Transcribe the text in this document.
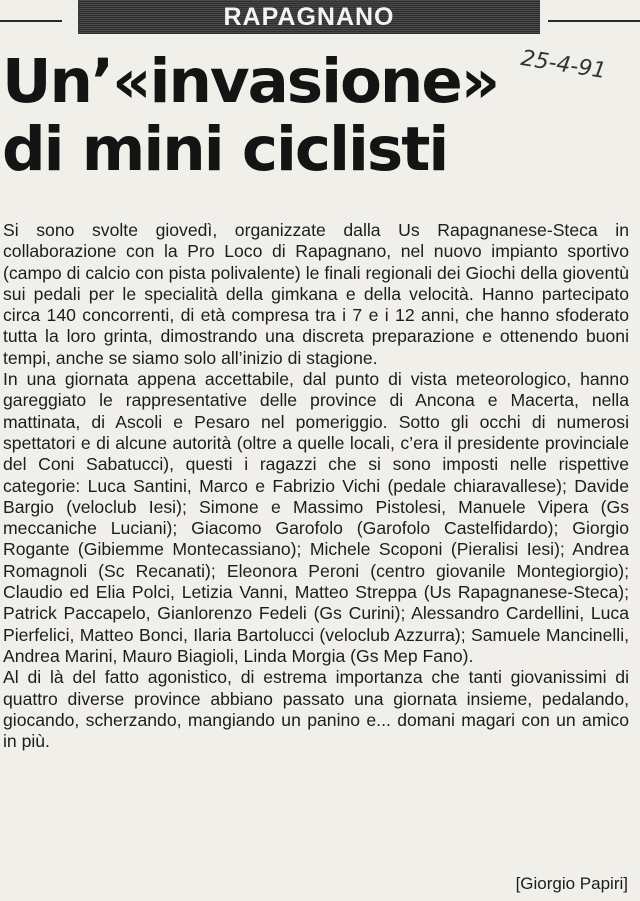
RAPAGNANO
25-4-91
Un’«invasione»
di mini ciclisti

Si sono svolte giovedì, organizzate dalla Us Rapagnanese-Steca in collaborazione con la Pro Loco di Rapagnano, nel nuovo impianto sportivo (campo di calcio con pista polivalente) le finali regionali dei Giochi della gioventù sui pedali per le specialità della gimkana e della velocità. Hanno partecipato circa 140 concorrenti, di età compresa tra i 7 e i 12 anni, che hanno sfoderato tutta la loro grinta, dimostrando una discreta preparazione e ottenendo buoni tempi, anche se siamo solo all’inizio di stagione.

In una giornata appena accettabile, dal punto di vista meteorologico, hanno gareggiato le rappresentative delle province di Ancona e Macerta, nella mattinata, di Ascoli e Pesaro nel pomeriggio. Sotto gli occhi di numerosi spettatori e di alcune autorità (oltre a quelle locali, c’era il presidente provinciale del Coni Sabatucci), questi i ragazzi che si sono imposti nelle rispettive categorie: Luca Santini, Marco e Fabrizio Vichi (pedale chiaravallese); Davide Bargio (veloclub Iesi); Simone e Massimo Pistolesi, Manuele Vipera (Gs meccaniche Luciani); Giacomo Garofolo (Garofolo Castelfidardo); Giorgio Rogante (Gibiemme Montecassiano); Michele Scoponi (Pieralisi Iesi); Andrea Romagnoli (Sc Recanati); Eleonora Peroni (centro giovanile Montegiorgio); Claudio ed Elia Polci, Letizia Vanni, Matteo Streppa (Us Rapagnanese-Steca); Patrick Paccapelo, Gianlorenzo Fedeli (Gs Curini); Alessandro Cardellini, Luca Pierfelici, Matteo Bonci, Ilaria Bartolucci (veloclub Azzurra); Samuele Mancinelli, Andrea Marini, Mauro Biagioli, Linda Morgia (Gs Mep Fano).

Al di là del fatto agonistico, di estrema importanza che tanti giovanissimi di quattro diverse province abbiano passato una giornata insieme, pedalando, giocando, scherzando, mangiando un panino e... domani magari con un amico in più.

[Giorgio Papiri]
